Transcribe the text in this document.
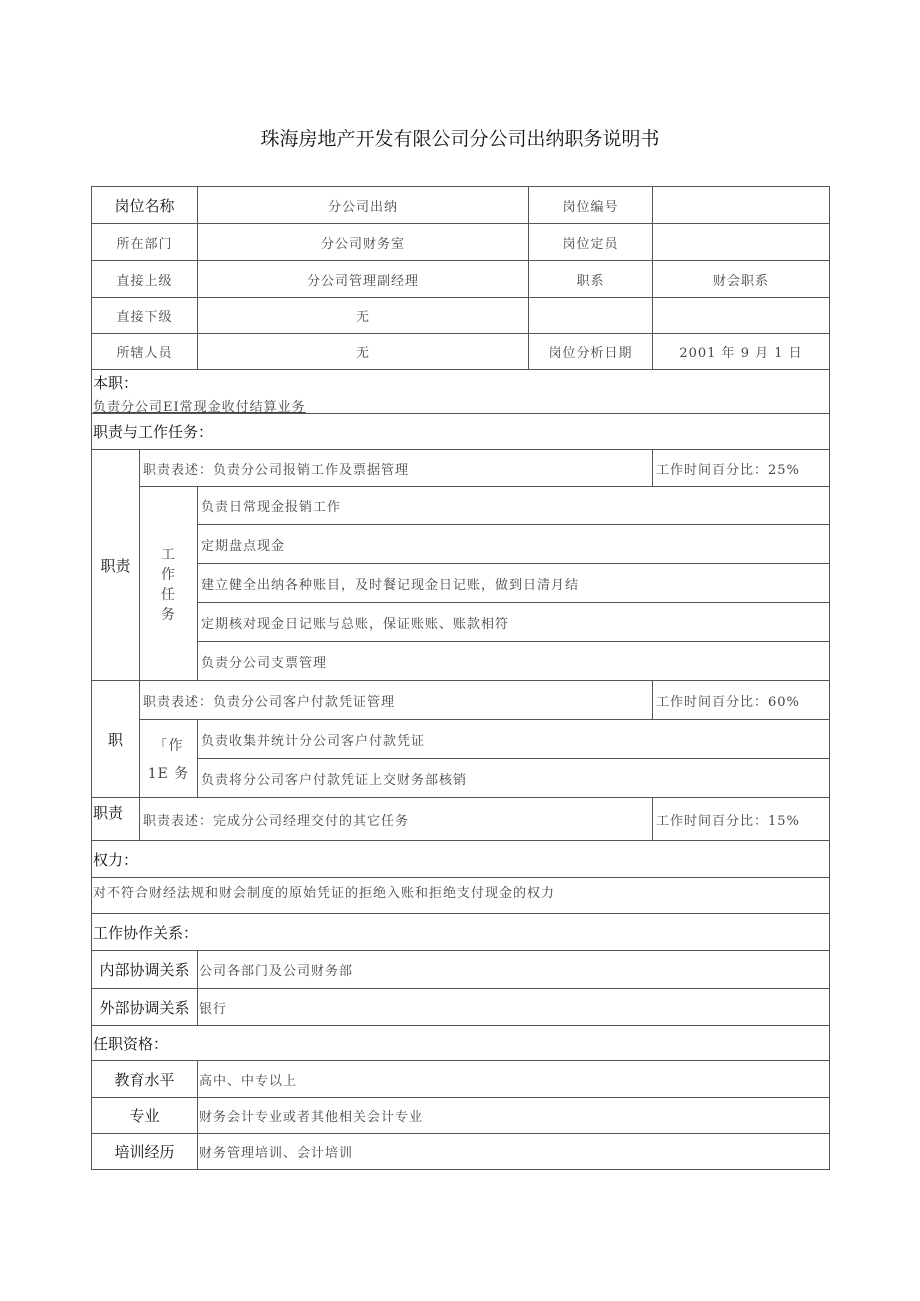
珠海房地产开发有限公司分公司出纳职务说明书
岗位名称	分公司出纳	岗位编号
所在部门	分公司财务室	岗位定员
直接上级	分公司管理副经理	职系	财会职系
直接下级	无
所辖人员	无	岗位分析日期	2001 年 9 月 1 日
本职：
负责分公司EI常现金收付结算业务
职责与工作任务：
职责
职责表述：负责分公司报销工作及票据管理	工作时间百分比：25%
工作任务
负责日常现金报销工作
定期盘点现金
建立健全出纳各种账目，及时餐记现金日记账，做到日清月结
定期核对现金日记账与总账，保证账账、账款相符
负责分公司支票管理
职
职责表述：负责分公司客户付款凭证管理	工作时间百分比：60%
「作
1E 务
负责收集并统计分公司客户付款凭证
负责将分公司客户付款凭证上交财务部核销
职责	职责表述：完成分公司经理交付的其它任务	工作时间百分比：15%
权力：
对不符合财经法规和财会制度的原始凭证的拒绝入账和拒绝支付现金的权力
工作协作关系：
内部协调关系 公司各部门及公司财务部
外部协调关系 银行
任职资格：
教育水平	高中、中专以上
专业	财务会计专业或者其他相关会计专业
培训经历	财务管理培训、会计培训
